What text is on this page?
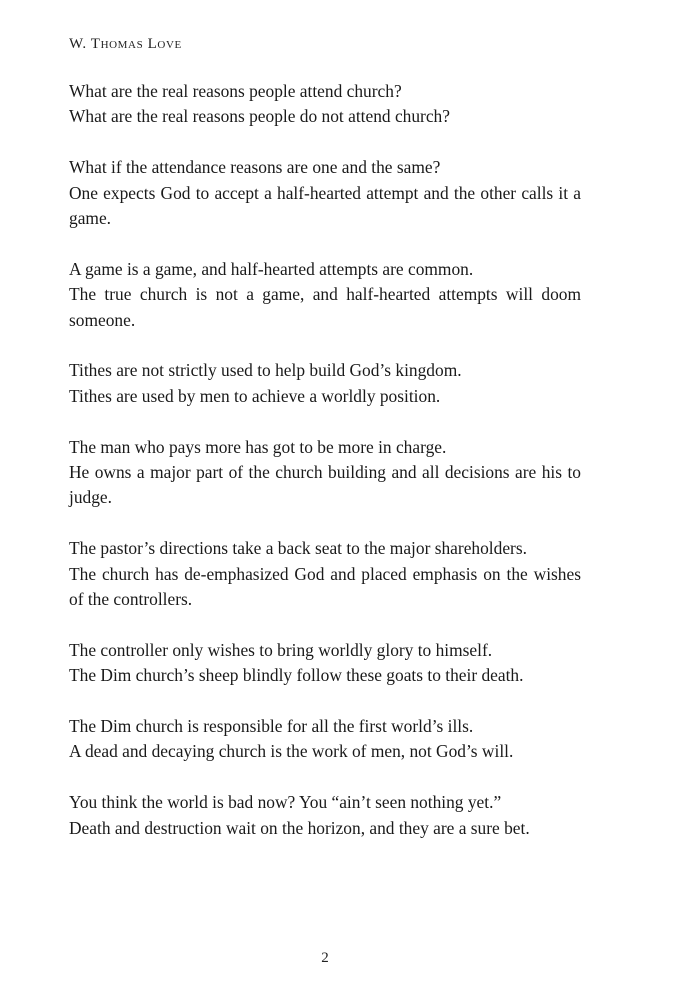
W. Thomas Love

What are the real reasons people attend church?
What are the real reasons people do not attend church?

What if the attendance reasons are one and the same?
One expects God to accept a half-hearted attempt and the other calls it a game.

A game is a game, and half-hearted attempts are common.
The true church is not a game, and half-hearted attempts will doom someone.

Tithes are not strictly used to help build God’s kingdom.
Tithes are used by men to achieve a worldly position.

The man who pays more has got to be more in charge.
He owns a major part of the church building and all decisions are his to judge.

The pastor’s directions take a back seat to the major shareholders.
The church has de-emphasized God and placed emphasis on the wishes of the controllers.

The controller only wishes to bring worldly glory to himself.
The Dim church’s sheep blindly follow these goats to their death.

The Dim church is responsible for all the first world’s ills.
A dead and decaying church is the work of men, not God’s will.

You think the world is bad now? You “ain’t seen nothing yet.”
Death and destruction wait on the horizon, and they are a sure bet.

2
